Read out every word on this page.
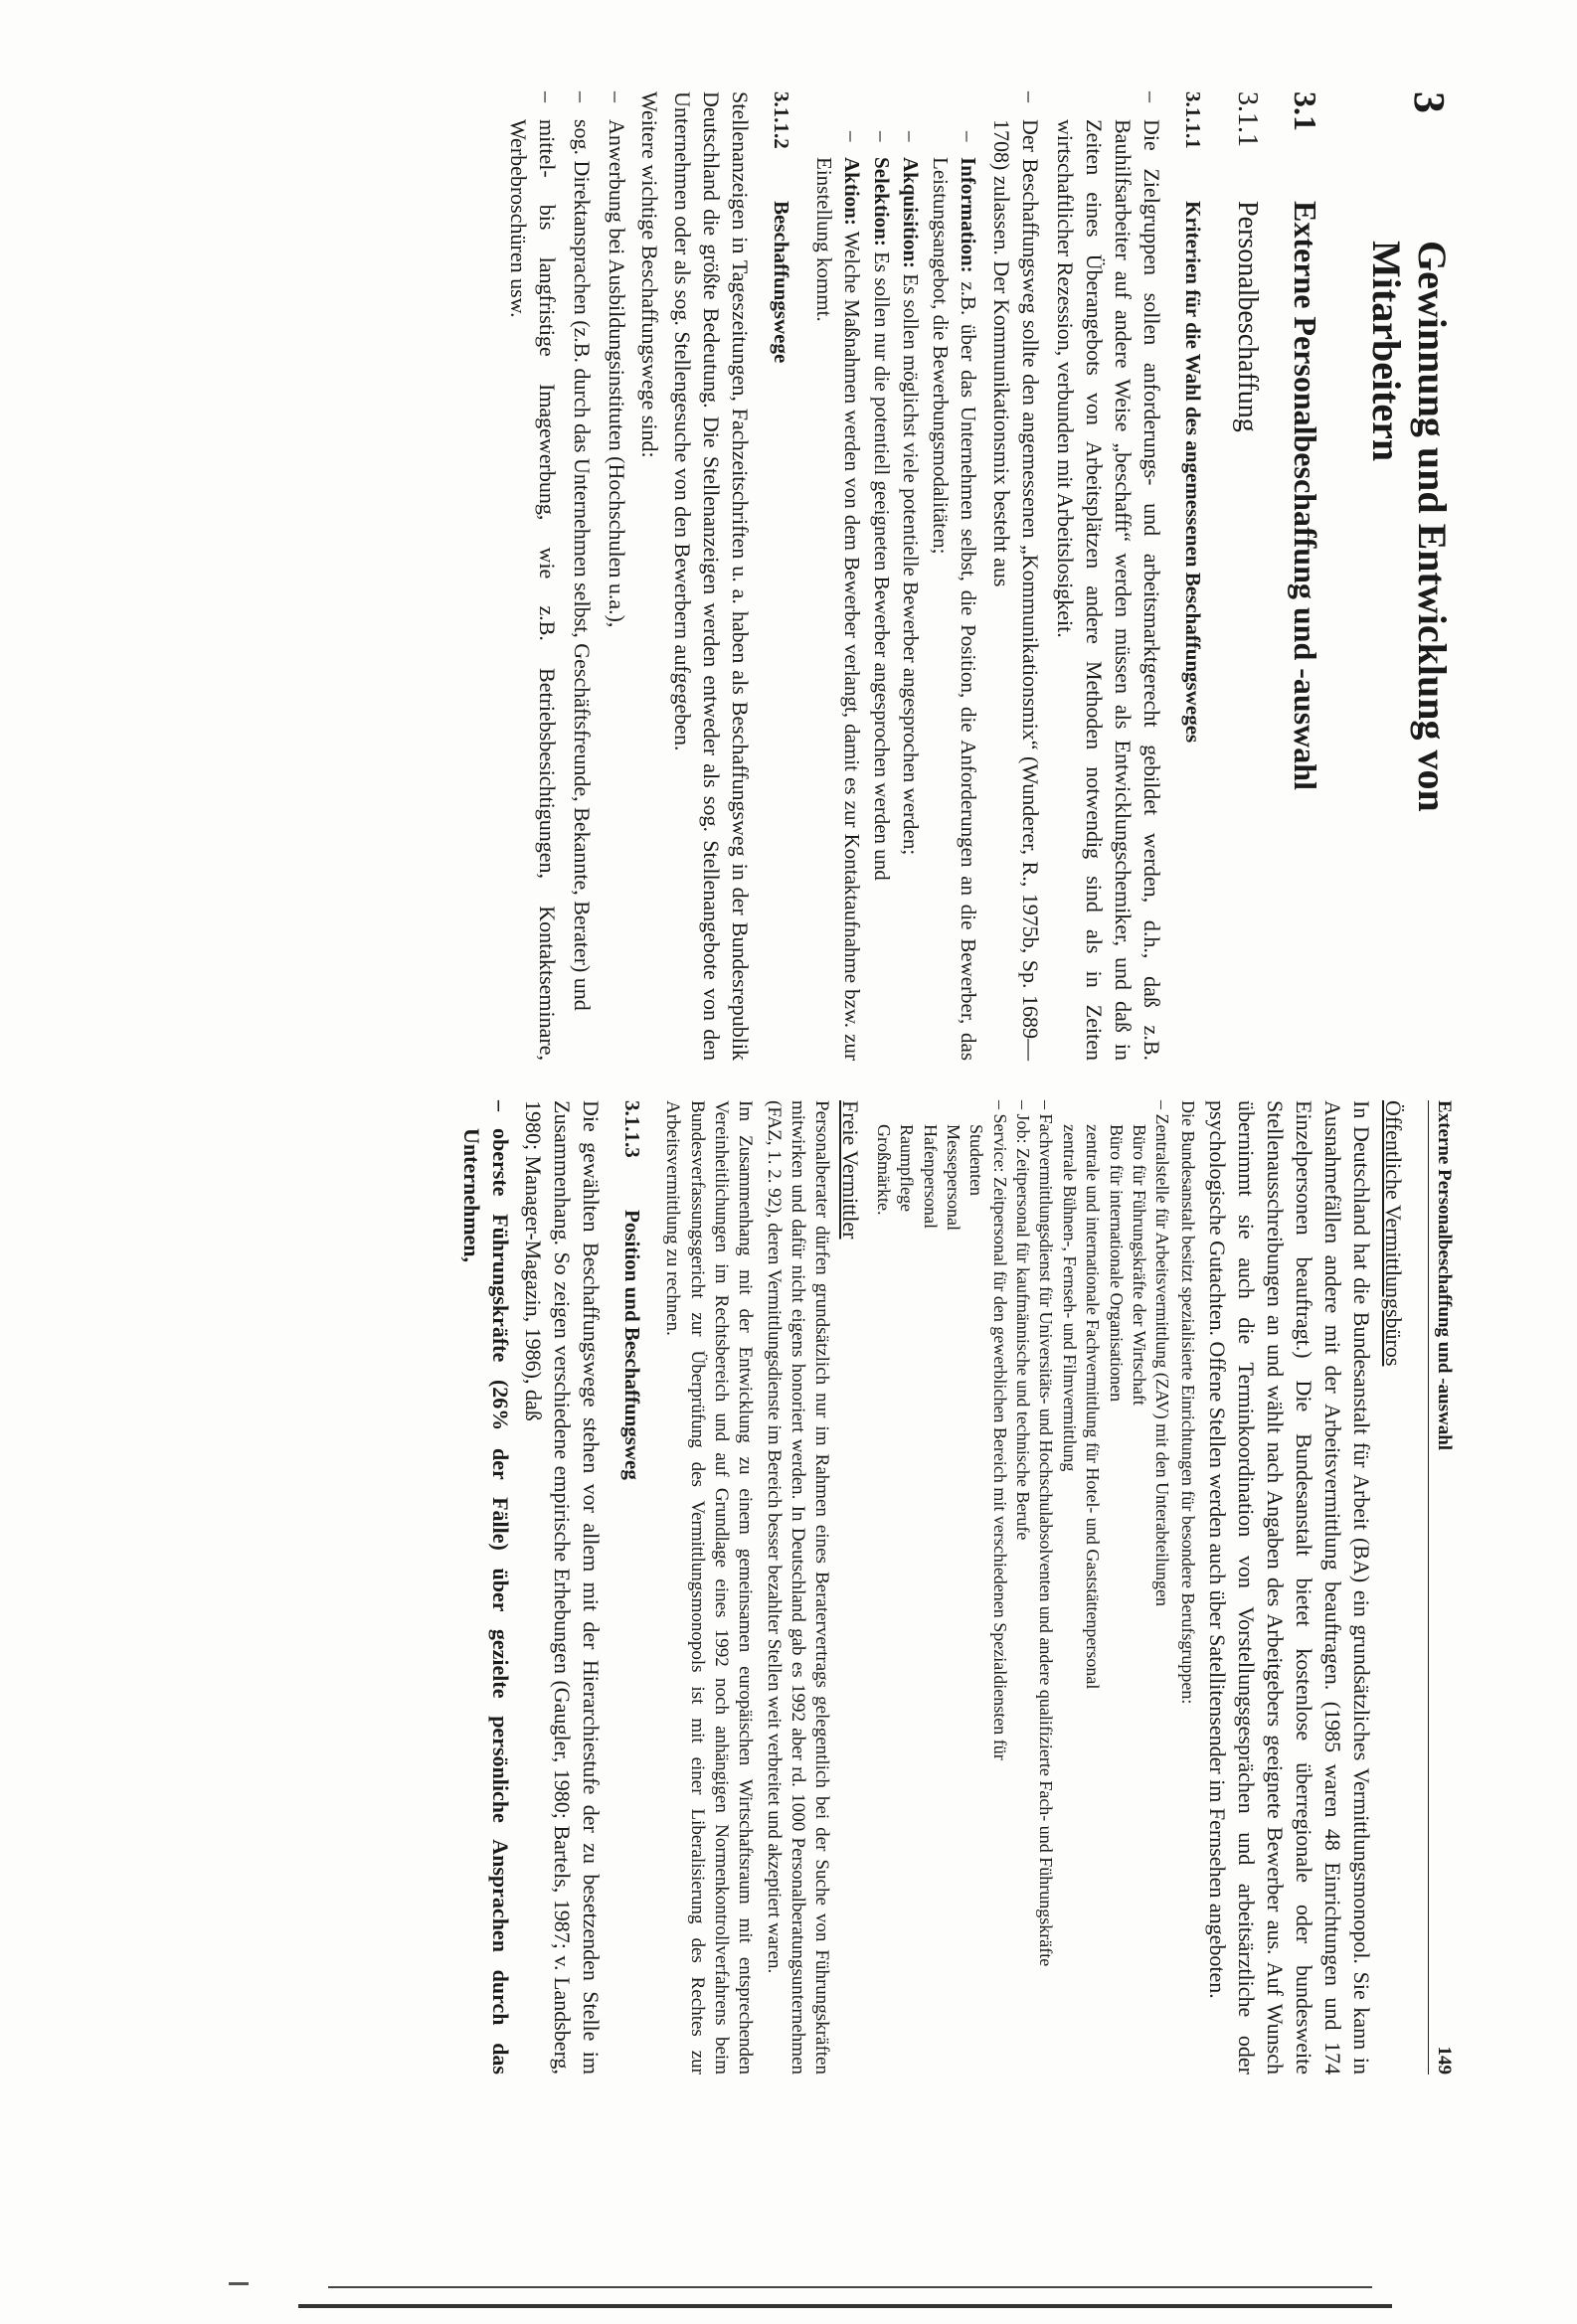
3
Gewinnung und Entwicklung von Mitarbeitern
3.1
Externe Personalbeschaffung und -auswahl
3.1.1
Personalbeschaffung
3.1.1.1
Kriterien für die Wahl des angemessenen Beschaffungsweges
–
Die Zielgruppen sollen anforderungs- und arbeitsmarktgerecht gebildet werden, d.h., daß z.B. Bauhilfsarbeiter auf andere Weise „beschafft“ werden müssen als Entwicklungschemiker, und daß in Zeiten eines Überangebots von Arbeitsplätzen andere Methoden notwendig sind als in Zeiten wirtschaftlicher Rezession, verbunden mit Arbeitslosigkeit.
–
Der Beschaffungsweg sollte den angemessenen „Kommunikationsmix“ (Wunderer, R., 1975b, Sp. 1689—1708) zulassen. Der Kommunikationsmix besteht aus
–
Information: z.B. über das Unternehmen selbst, die Position, die Anforderungen an die Bewerber, das Leistungsangebot, die Bewerbungsmodalitäten;
–
Akquisition: Es sollen möglichst viele potentielle Bewerber angesprochen werden;
–
Selektion: Es sollen nur die potentiell geeigneten Bewerber angesprochen werden und
–
Aktion: Welche Maßnahmen werden von dem Bewerber verlangt, damit es zur Kontaktaufnahme bzw. zur Einstellung kommt.
3.1.1.2
Beschaffungswege

Stellenanzeigen in Tageszeitungen, Fachzeitschriften u. a. haben als Beschaffungsweg in der Bundesrepublik Deutschland die größte Bedeutung. Die Stellenanzeigen werden entweder als sog. Stellenangebote von den Unternehmen oder als sog. Stellengesuche von den Bewerbern aufgegeben.

Weitere wichtige Beschaffungswege sind:

–
Anwerbung bei Ausbildungsinstituten (Hochschulen u.a.),
–
sog. Direktansprachen (z.B. durch das Unternehmen selbst, Geschäftsfreunde, Bekannte, Berater) und
–
mittel- bis langfristige Imagewerbung, wie z.B. Betriebsbesichtigungen, Kontaktseminare, Werbebroschüren usw.
Externe Personalbeschaffung und -auswahl
149
Öffentliche Vermittlungsbüros

In Deutschland hat die Bundesanstalt für Arbeit (BA) ein grundsätzliches Vermittlungsmonopol. Sie kann in Ausnahmefällen andere mit der Arbeitsvermittlung beauftragen. (1985 waren 48 Einrichtungen und 174 Einzelpersonen beauftragt.) Die Bundesanstalt bietet kostenlose überregionale oder bundesweite Stellenausschreibungen an und wählt nach Angaben des Arbeitgebers geeignete Bewerber aus. Auf Wunsch übernimmt sie auch die Terminkoordination von Vorstellungsgesprächen und arbeitsärztliche oder psychologische Gutachten. Offene Stellen werden auch über Satellitensender im Fernsehen angeboten.

Die Bundesanstalt besitzt spezialisierte Einrichtungen für besondere Berufsgruppen:
– Zentralstelle für Arbeitsvermittlung (ZAV) mit den Unterabteilungen
Büro für Führungskräfte der Wirtschaft
Büro für internationale Organisationen
zentrale und internationale Fachvermittlung für Hotel- und Gaststättenpersonal
zentrale Bühnen-, Fernseh- und Filmvermittlung
– Fachvermittlungsdienst für Universitäts- und Hochschulabsolventen und andere qualifizierte Fach- und Führungskräfte
– Job: Zeitpersonal für kaufmännische und technische Berufe
– Service: Zeitpersonal für den gewerblichen Bereich mit verschiedenen Spezialdiensten für
Studenten
Messepersonal
Hafenpersonal
Raumpflege
Großmärkte.
Freie Vermittler

Personalberater dürfen grundsätzlich nur im Rahmen eines Beratervertrags gelegentlich bei der Suche von Führungskräften mitwirken und dafür nicht eigens honoriert werden. In Deutschland gab es 1992 aber rd. 1000 Personalberatungsunternehmen (FAZ, 1. 2. 92), deren Vermittlungsdienste im Bereich besser bezahlter Stellen weit verbreitet und akzeptiert waren.

Im Zusammenhang mit der Entwicklung zu einem gemeinsamen europäischen Wirtschaftsraum mit entsprechenden Vereinheitlichungen im Rechtsbereich und auf Grundlage eines 1992 noch anhängigen Normenkontrollverfahrens beim Bundesverfassungsgericht zur Überprüfung des Vermittlungsmonopols ist mit einer Liberalisierung des Rechtes zur Arbeitsvermittlung zu rechnen.

3.1.1.3
Position und Beschaffungsweg

Die gewählten Beschaffungswege stehen vor allem mit der Hierarchiestufe der zu besetzenden Stelle im Zusammenhang. So zeigen verschiedene empirische Erhebungen (Gaugler, 1980; Bartels, 1987; v. Landsberg, 1980; Manager-Magazin, 1986), daß

–
oberste Führungskräfte (26% der Fälle) über gezielte persönliche Ansprachen durch das Unternehmen,
